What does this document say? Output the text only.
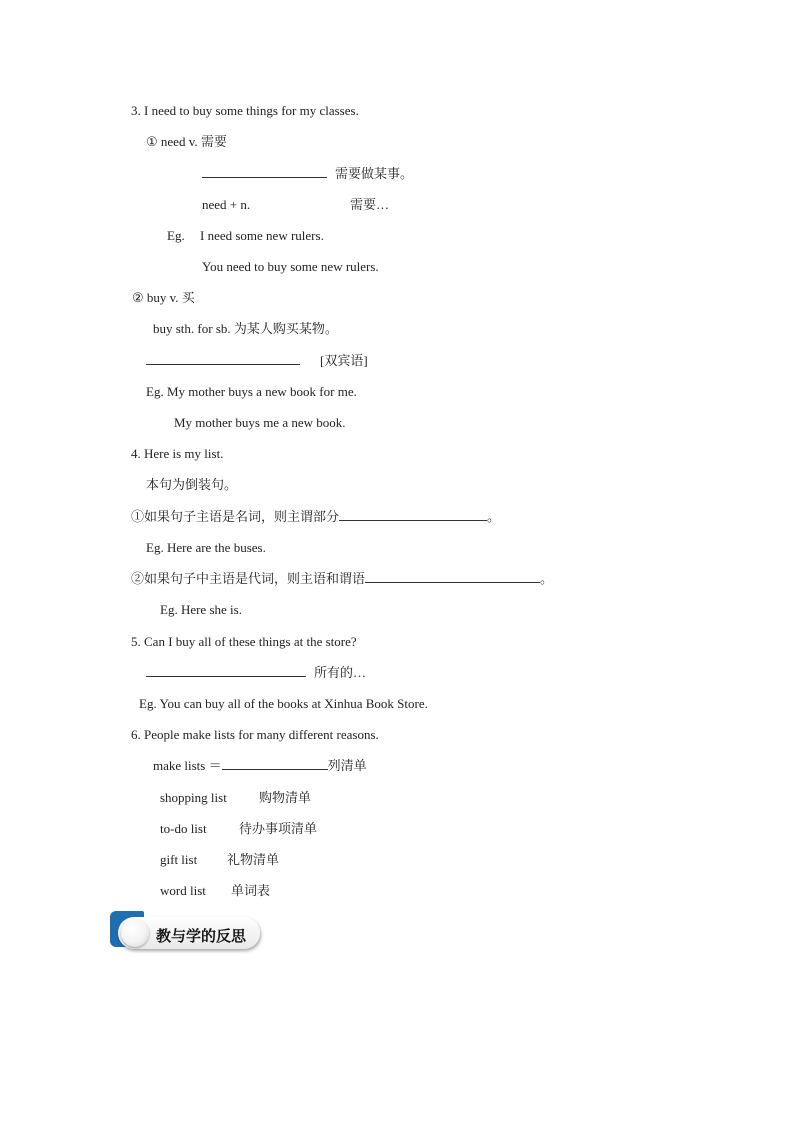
3. I need to buy some things for my classes.
① need v. 需要
需要做某事。
need + n.	需要…
Eg. I need some new rulers.
You need to buy some new rulers.
② buy v. 买
buy sth. for sb. 为某人购买某物。
[双宾语]
Eg. My mother buys a new book for me.
My mother buys me a new book.
4. Here is my list.
本句为倒装句。
①如果句子主语是名词，则主谓部分	。
Eg. Here are the buses.
②如果句子中主语是代词，则主语和谓语	。
Eg. Here she is.
5. Can I buy all of these things at the store?
所有的…
Eg. You can buy all of the books at Xinhua Book Store.
6. People make lists for many different reasons.
make lists ＝	列清单
shopping list 购物清单
to-do list 待办事项清单
gift list 礼物清单
word list 单词表
教与学的反思
